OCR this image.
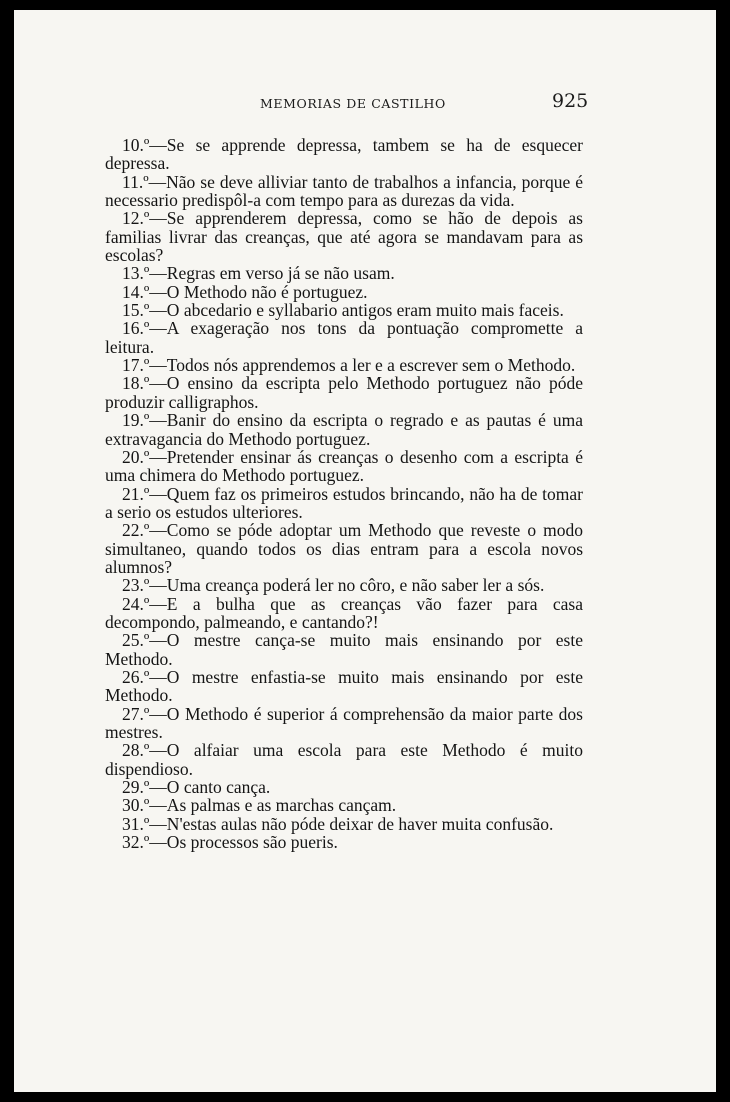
MEMORIAS DE CASTILHO	925

10.º—Se se apprende depressa, tambem se ha de esquecer depressa.

11.º—Não se deve alliviar tanto de trabalhos a infancia, porque é necessario predispôl-a com tempo para as durezas da vida.

12.º—Se apprenderem depressa, como se hão de depois as familias livrar das creanças, que até agora se mandavam para as escolas?

13.º—Regras em verso já se não usam.

14.º—O Methodo não é portuguez.

15.º—O abcedario e syllabario antigos eram muito mais faceis.

16.º—A exageração nos tons da pontuação compromette a leitura.

17.º—Todos nós apprendemos a ler e a escrever sem o Methodo.

18.º—O ensino da escripta pelo Methodo portuguez não póde produzir calligraphos.

19.º—Banir do ensino da escripta o regrado e as pautas é uma extravagancia do Methodo portuguez.

20.º—Pretender ensinar ás creanças o desenho com a escripta é uma chimera do Methodo portuguez.

21.º—Quem faz os primeiros estudos brincando, não ha de tomar a serio os estudos ulteriores.

22.º—Como se póde adoptar um Methodo que reveste o modo simultaneo, quando todos os dias entram para a escola novos alumnos?

23.º—Uma creança poderá ler no côro, e não saber ler a sós.

24.º—E a bulha que as creanças vão fazer para casa decompondo, palmeando, e cantando?!

25.º—O mestre cança-se muito mais ensinando por este Methodo.

26.º—O mestre enfastia-se muito mais ensinando por este Methodo.

27.º—O Methodo é superior á comprehensão da maior parte dos mestres.

28.º—O alfaiar uma escola para este Methodo é muito dispendioso.

29.º—O canto cança.

30.º—As palmas e as marchas cançam.

31.º—N'estas aulas não póde deixar de haver muita confusão.

32.º—Os processos são pueris.
